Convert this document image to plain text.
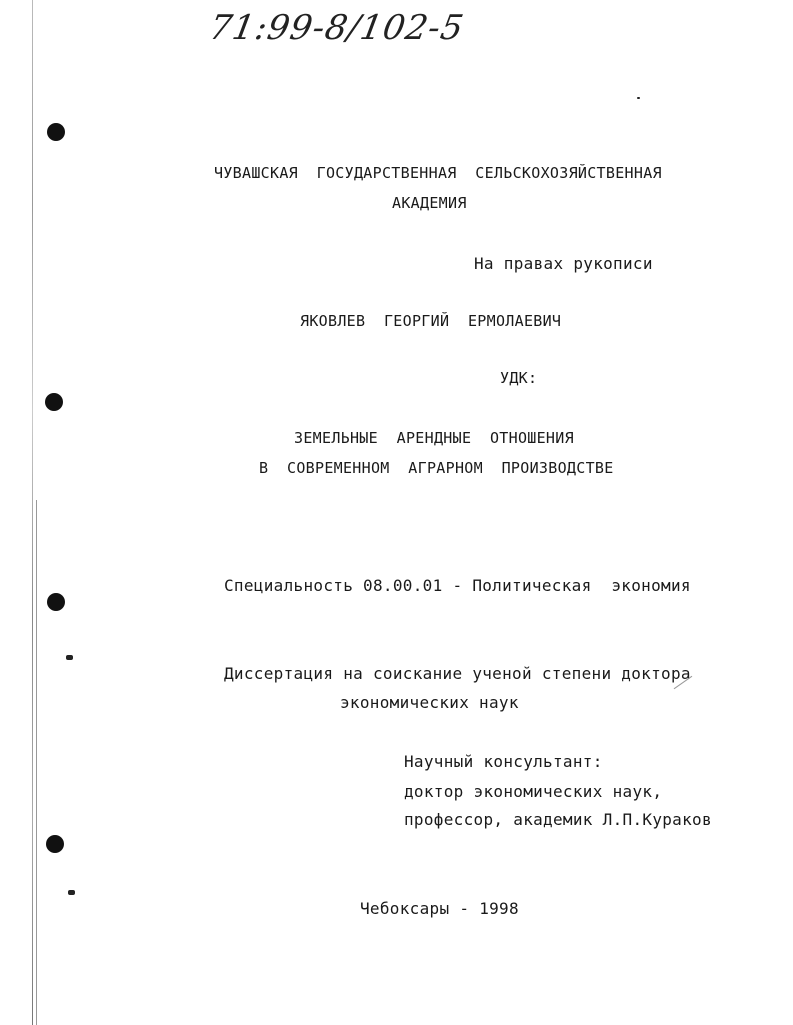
71:99-8/102-5
ЧУВАШСКАЯ  ГОСУДАРСТВЕННАЯ  СЕЛЬСКОХОЗЯЙСТВЕННАЯ
АКАДЕМИЯ
На правах рукописи
ЯКОВЛЕВ  ГЕОРГИЙ  ЕРМОЛАЕВИЧ
УДК:
ЗЕМЕЛЬНЫЕ  АРЕНДНЫЕ  ОТНОШЕНИЯ
В  СОВРЕМЕННОМ  АГРАРНОМ  ПРОИЗВОДСТВЕ
Специальность 08.00.01 - Политическая  экономия
Диссертация на соискание ученой степени доктора
экономических наук
Научный консультант:
доктор экономических наук,
профессор, академик Л.П.Кураков
Чебоксары - 1998
